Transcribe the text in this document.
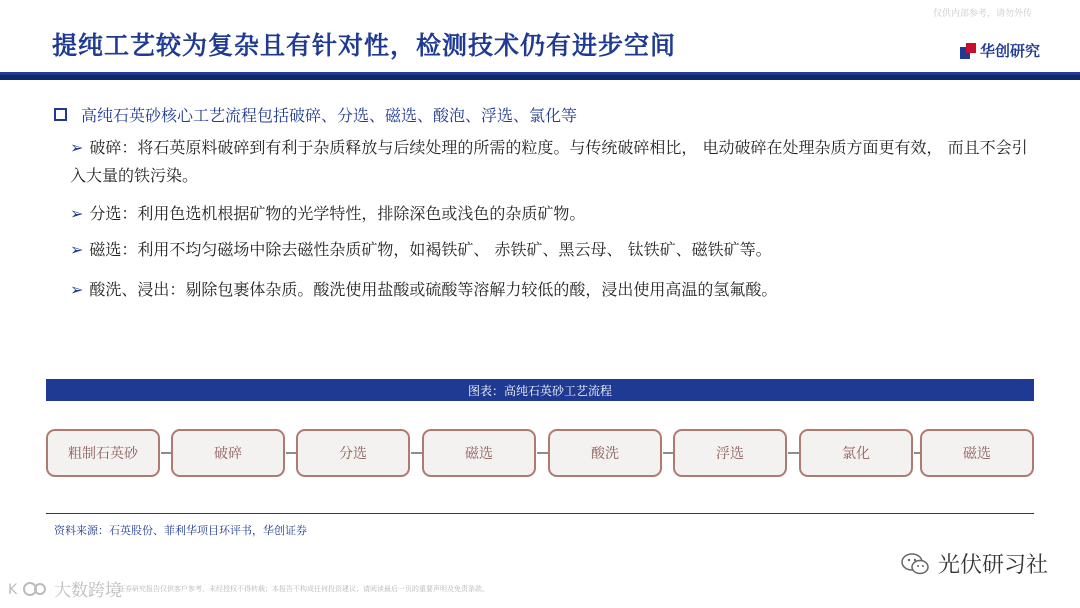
仅供内部参考，请勿外传
提纯工艺较为复杂且有针对性，检测技术仍有进步空间	华创研究
高纯石英砂核心工艺流程包括破碎、分选、磁选、酸泡、浮选、氯化等
➢ 破碎：将石英原料破碎到有利于杂质释放与后续处理的所需的粒度。与传统破碎相比， 电动破碎在处理杂质方面更有效， 而且不会引入大量的铁污染。
➢ 分选：利用色选机根据矿物的光学特性，排除深色或浅色的杂质矿物。
➢ 磁选：利用不均匀磁场中除去磁性杂质矿物，如褐铁矿、 赤铁矿、黑云母、 钛铁矿、磁铁矿等。
➢ 酸洗、浸出：剔除包裹体杂质。酸洗使用盐酸或硫酸等溶解力较低的酸，浸出使用高温的氢氟酸。
图表：高纯石英砂工艺流程
粗制石英砂	破碎	分选	磁选	酸洗	浮选	氯化	磁选
资料来源：石英股份、菲利华项目环评书，华创证券
证券研究报告仅供客户参考，未经授权不得转载；本报告不构成任何投资建议；请阅读最后一页的重要声明及免责条款。
K 大数跨境
光伏研习社
